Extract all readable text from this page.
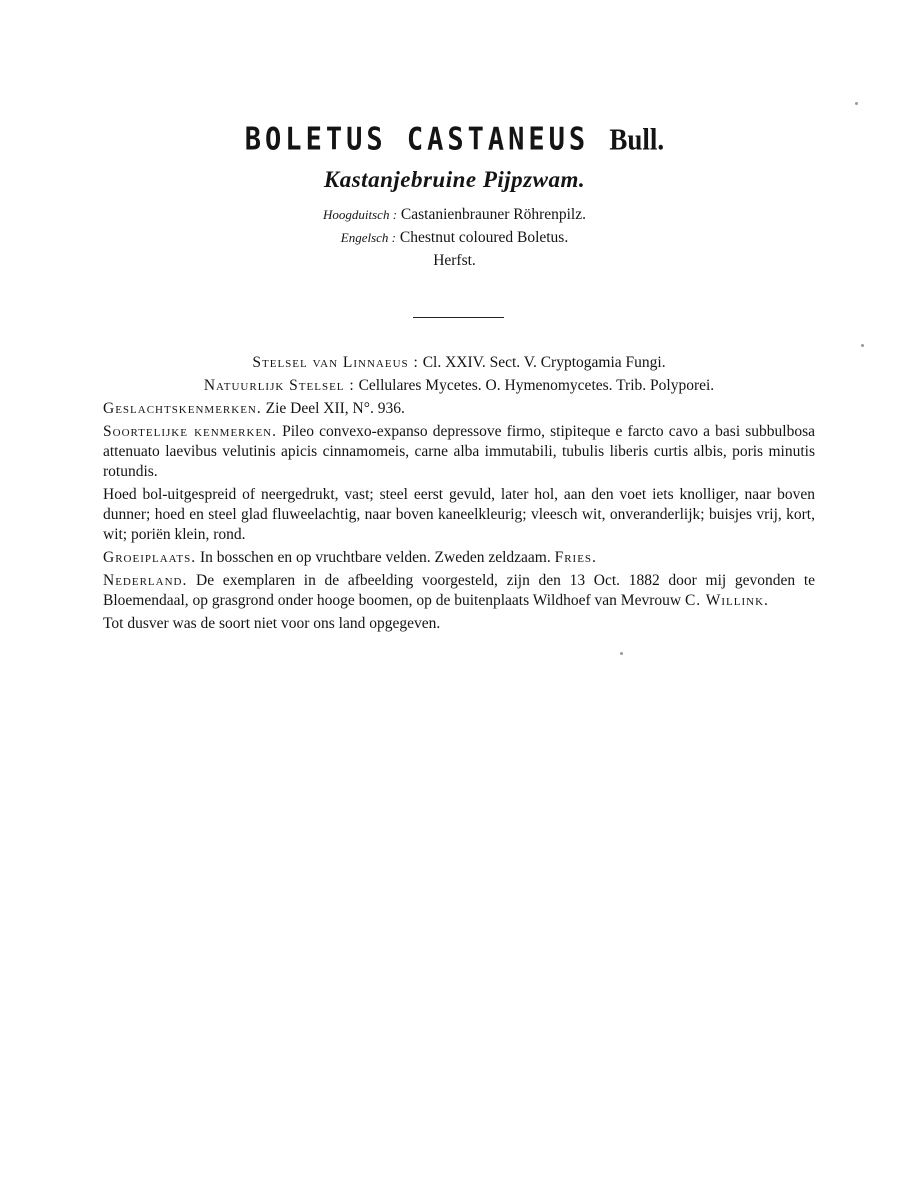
BOLETUS CASTANEUS Bull.
Kastanjebruine Pijpzwam.
Hoogduitsch : Castanienbrauner Röhrenpilz.
Engelsch : Chestnut coloured Boletus.
Herfst.

Stelsel van Linnaeus : Cl. XXIV. Sect. V. Cryptogamia Fungi.

Natuurlijk Stelsel : Cellulares Mycetes. O. Hymenomycetes. Trib. Polyporei.

Geslachtskenmerken. Zie Deel XII, N°. 936.

Soortelijke kenmerken. Pileo convexo-expanso depressove firmo, stipiteque e farcto cavo a basi subbulbosa attenuato laevibus velutinis apicis cinnamomeis, carne alba immutabili, tubulis liberis curtis albis, poris minutis rotundis.

Hoed bol-uitgespreid of neergedrukt, vast; steel eerst gevuld, later hol, aan den voet iets knolliger, naar boven dunner; hoed en steel glad fluweelachtig, naar boven kaneelkleurig; vleesch wit, onveranderlijk; buisjes vrij, kort, wit; poriën klein, rond.

Groeiplaats. In bosschen en op vruchtbare velden. Zweden zeldzaam. Fries.

Nederland. De exemplaren in de afbeelding voorgesteld, zijn den 13 Oct. 1882 door mij gevonden te Bloemendaal, op grasgrond onder hooge boomen, op de buitenplaats Wildhoef van Mevrouw C. Willink.

Tot dusver was de soort niet voor ons land opgegeven.
